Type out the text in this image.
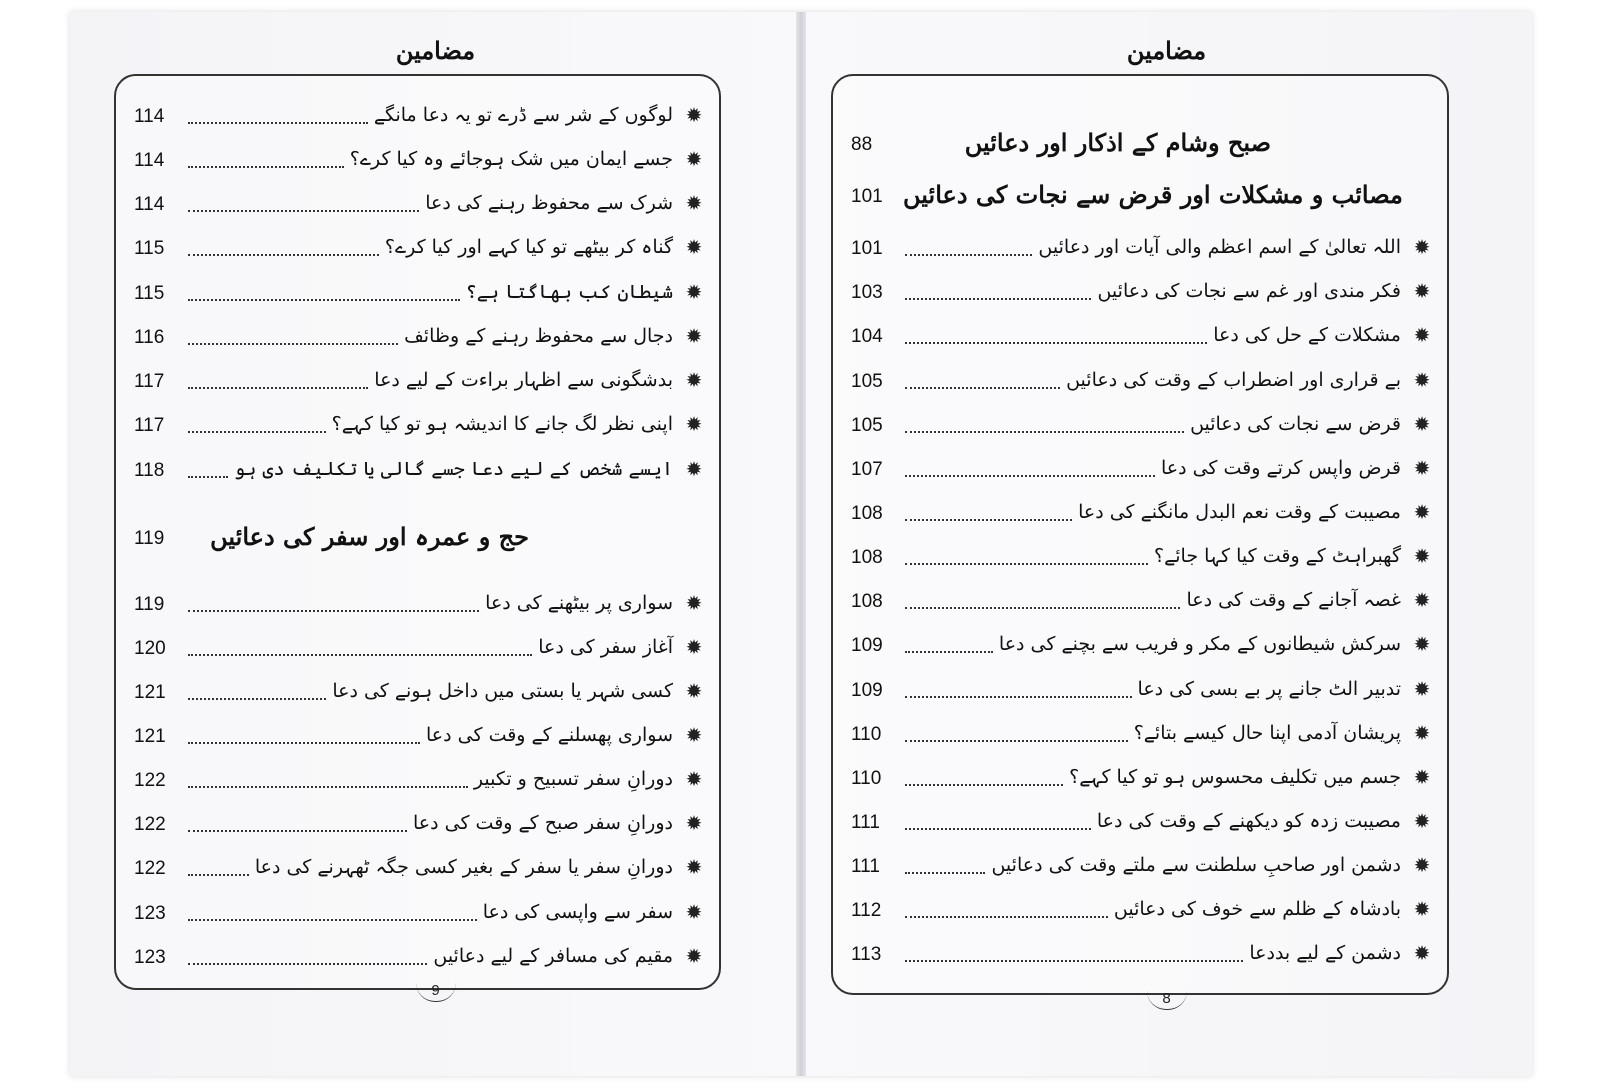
مضامین
114	لوگوں کے شر سے ڈرے تو یہ دعا مانگے ✹
114	جسے ایمان میں شک ہوجائے وہ کیا کرے؟ ✹
114	شرک سے محفوظ رہنے کی دعا ✹
115	گناہ کر بیٹھے تو کیا کہے اور کیا کرے؟ ✹
115	شیطان کب بھاگتا ہے؟ ✹
116	دجال سے محفوظ رہنے کے وظائف ✹
117	بدشگونی سے اظہار براءت کے لیے دعا ✹
117	اپنی نظر لگ جانے کا اندیشہ ہو تو کیا کہے؟ ✹
118	ایسے شخص کے لیے دعا جسے گالی یا تکلیف دی ہو ✹
119	حج و عمرہ اور سفر کی دعائیں
119	سواری پر بیٹھنے کی دعا ✹
120	آغاز سفر کی دعا ✹
121	کسی شہر یا بستی میں داخل ہونے کی دعا ✹
121	سواری پھسلنے کے وقت کی دعا ✹
122	دورانِ سفر تسبیح و تکبیر ✹
122	دورانِ سفر صبح کے وقت کی دعا ✹
122	دورانِ سفر یا سفر کے بغیر کسی جگہ ٹھہرنے کی دعا ✹
123	سفر سے واپسی کی دعا ✹
123	مقیم کی مسافر کے لیے دعائیں ✹
9
مضامین
88	صبح وشام کے اذکار اور دعائیں
101 مصائب و مشکلات اور قرض سے نجات کی دعائیں
101	اللہ تعالیٰ کے اسم اعظم والی آیات اور دعائیں ✹
103	فکر مندی اور غم سے نجات کی دعائیں ✹
104	مشکلات کے حل کی دعا ✹
105	بے قراری اور اضطراب کے وقت کی دعائیں ✹
105	قرض سے نجات کی دعائیں ✹
107	قرض واپس کرتے وقت کی دعا ✹
108	مصیبت کے وقت نعم البدل مانگنے کی دعا ✹
108	گھبراہٹ کے وقت کیا کہا جائے؟ ✹
108	غصہ آجانے کے وقت کی دعا ✹
109	سرکش شیطانوں کے مکر و فریب سے بچنے کی دعا ✹
109	تدبیر الٹ جانے پر بے بسی کی دعا ✹
110	پریشان آدمی اپنا حال کیسے بتائے؟ ✹
110	جسم میں تکلیف محسوس ہو تو کیا کہے؟ ✹
111	مصیبت زدہ کو دیکھنے کے وقت کی دعا ✹
111	دشمن اور صاحبِ سلطنت سے ملتے وقت کی دعائیں ✹
112	بادشاہ کے ظلم سے خوف کی دعائیں ✹
113	دشمن کے لیے بددعا ✹
8
